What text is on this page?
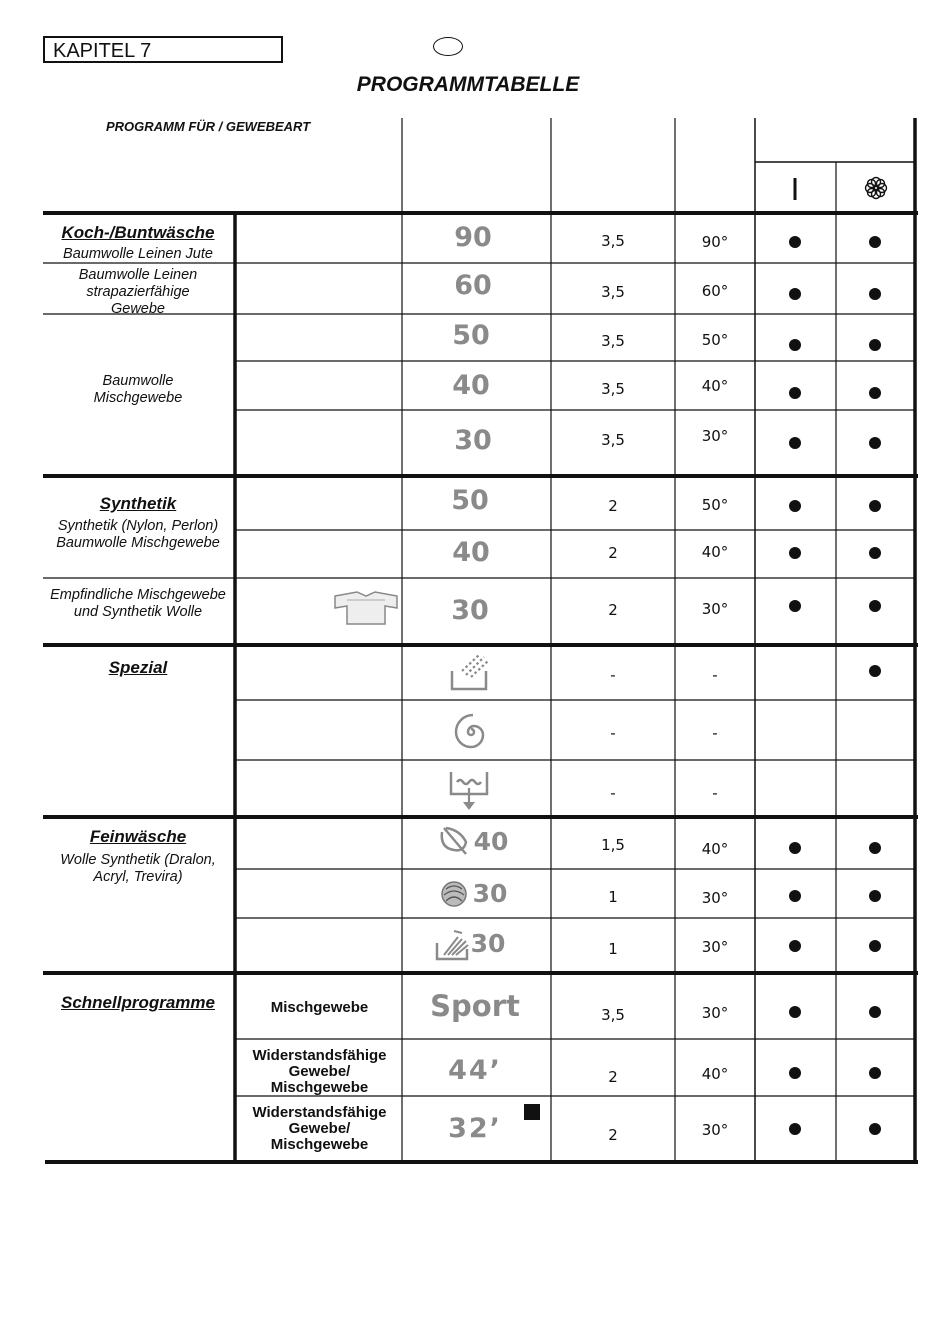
KAPITEL 7
PROGRAMMTABELLE
PROGRAMM FÜR / GEWEBEART
Koch-/Buntwäsche
Baumwolle Leinen Jute
Baumwolle Leinen strapazierfähige Gewebe
Baumwolle Mischgewebe
Synthetik
Synthetik (Nylon, Perlon) Baumwolle Mischgewebe
Empfindliche Mischgewebe und Synthetik Wolle
Spezial
Feinwäsche
Wolle Synthetik (Dralon, Acryl, Trevira)
Schnellprogramme	Mischgewebe
Widerstandsfähige Gewebe/ Mischgewebe
Widerstandsfähige Gewebe/ Mischgewebe
90
60
50
40
30
50
40
30
40
30
30
Sport
44’
32’
3,5
3,5
3,5
3,5
3,5
2
2
2
-
-
-
1,5
1
1
3,5
2
2
90°
60°
50°
40°
30°
50°
40°
30°
-
-
-
40°
30°
30°
30°
40°
30°
